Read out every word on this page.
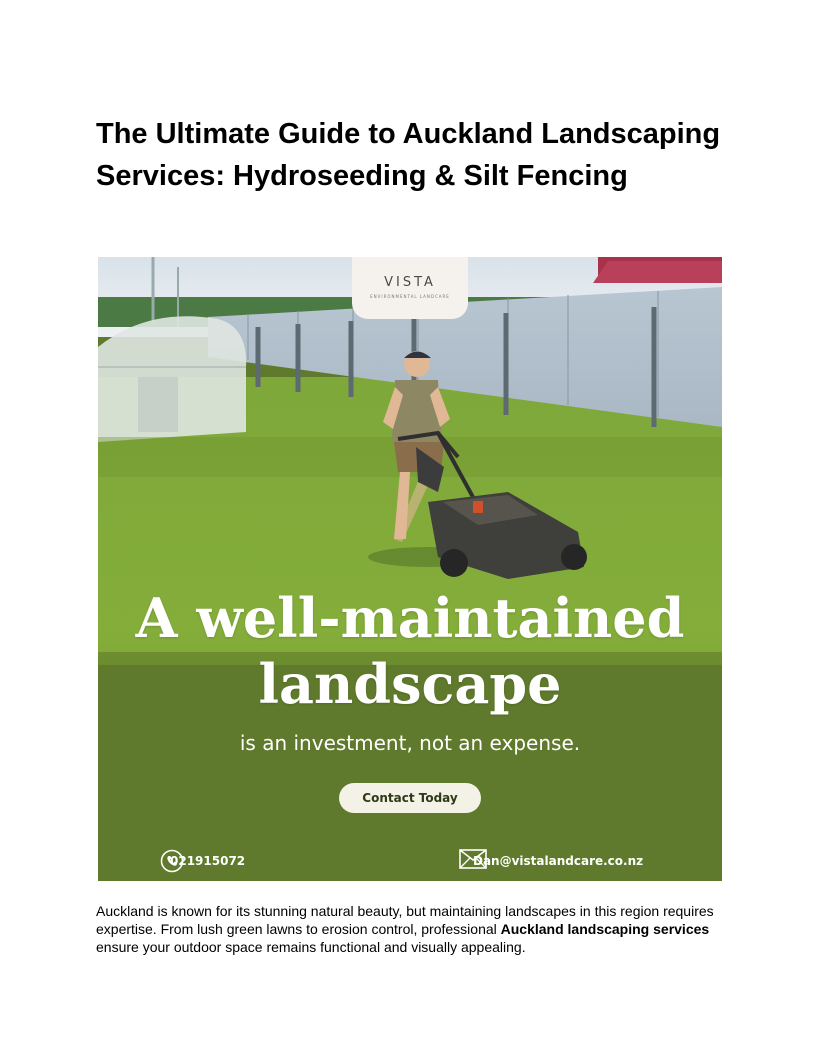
The Ultimate Guide to Auckland Landscaping Services: Hydroseeding & Silt Fencing
VISTA
ENVIRONMENTAL LANDCARE
A well-maintained
landscape
is an investment, not an expense.
Contact Today
021915072	Dan@vistalandcare.co.nz

Auckland is known for its stunning natural beauty, but maintaining landscapes in this region requires expertise. From lush green lawns to erosion control, professional Auckland landscaping services ensure your outdoor space remains functional and visually appealing.
